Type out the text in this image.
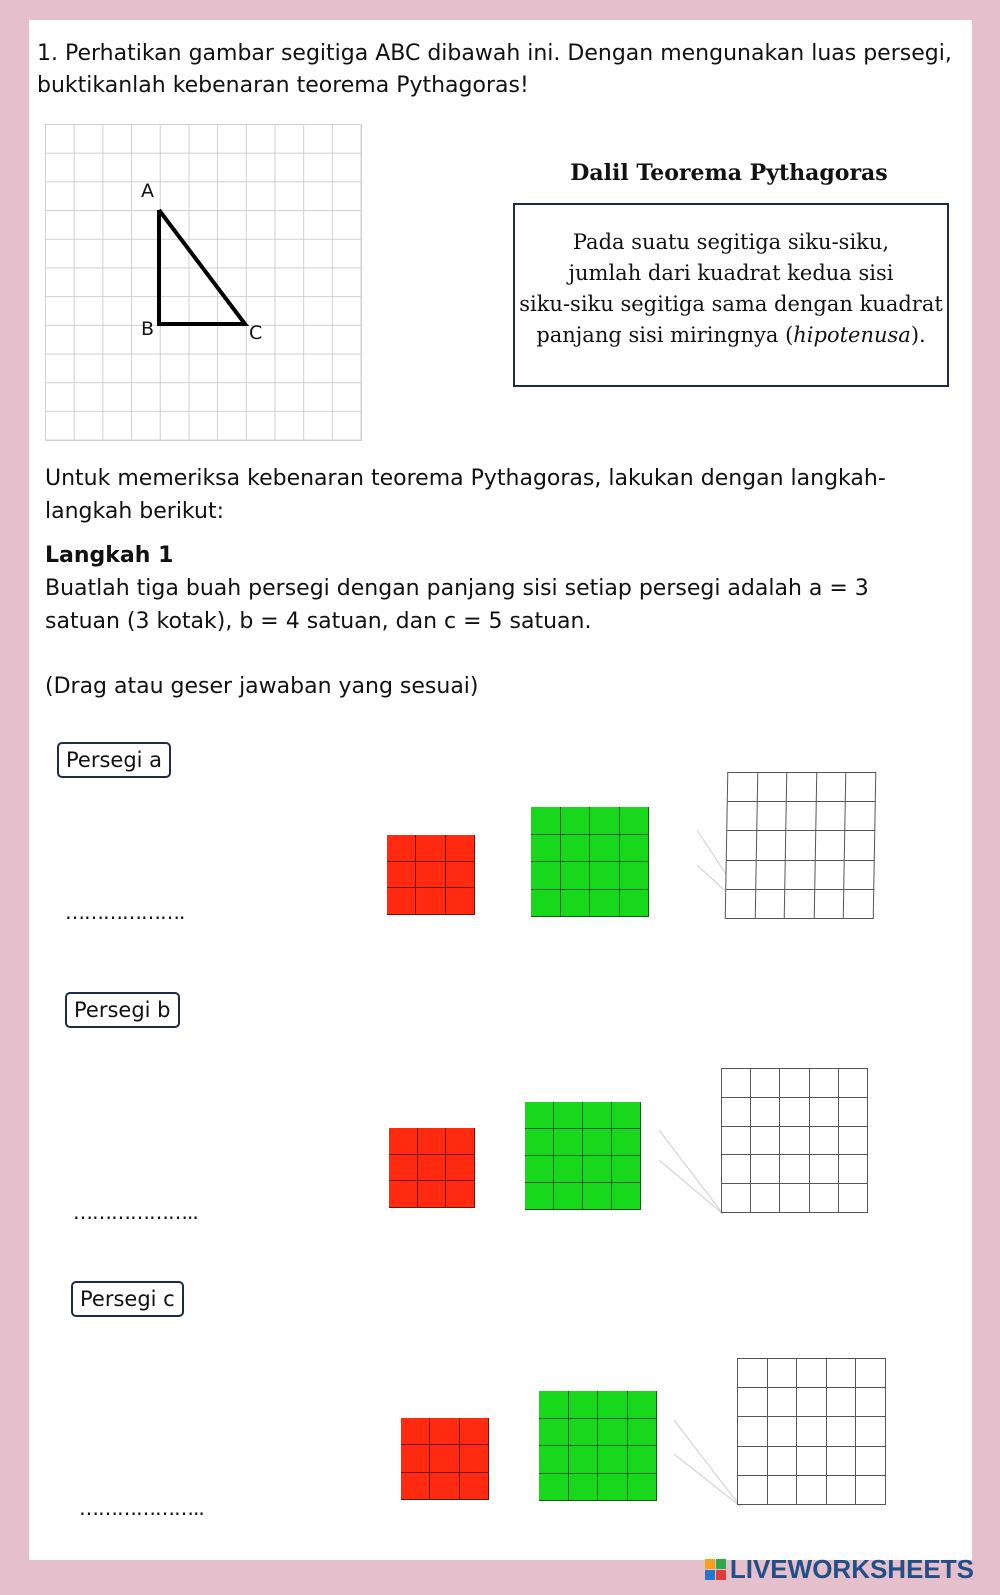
1. Perhatikan gambar segitiga ABC dibawah ini. Dengan mengunakan luas persegi, buktikanlah kebenaran teorema Pythagoras!
A
B	C
Dalil Teorema Pythagoras
Pada suatu segitiga siku-siku,
jumlah dari kuadrat kedua sisi
siku-siku segitiga sama dengan kuadrat
panjang sisi miringnya (hipotenusa).
Untuk memeriksa kebenaran teorema Pythagoras, lakukan dengan langkah-langkah berikut:
Langkah 1
Buatlah tiga buah persegi dengan panjang sisi setiap persegi adalah a = 3 satuan (3 kotak), b = 4 satuan, dan c = 5 satuan.
(Drag atau geser jawaban yang sesuai)
Persegi a
……………….
Persegi b
………………..
Persegi c
………………..
LIVEWORKSHEETS
